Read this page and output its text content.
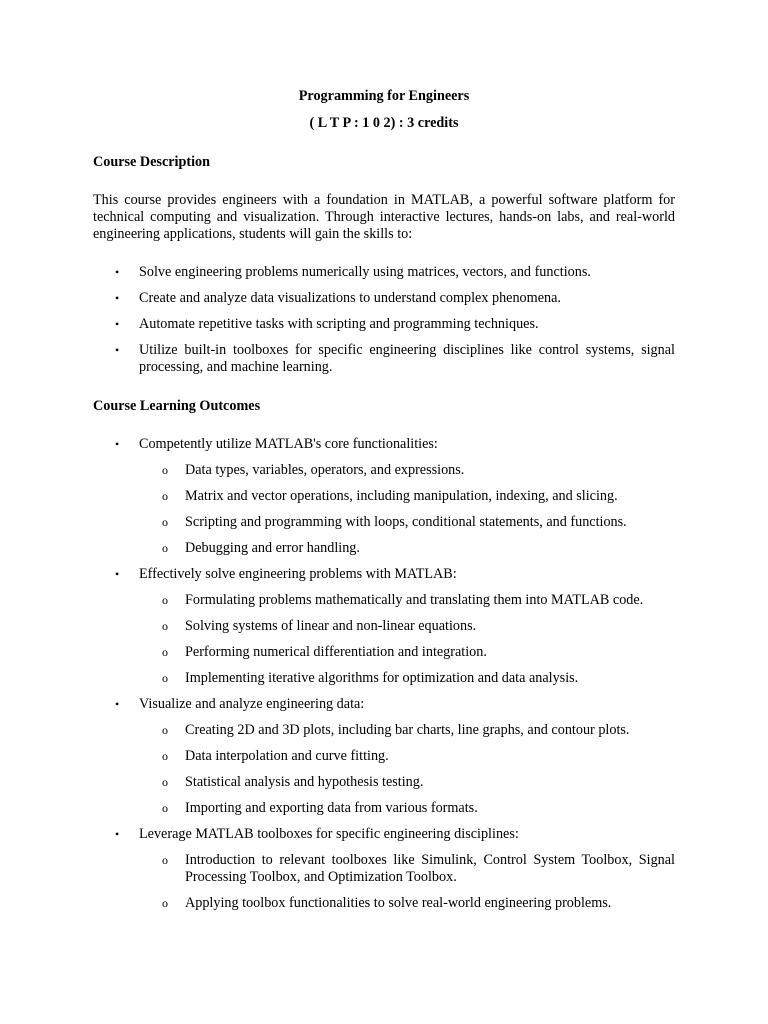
Programming for Engineers

( L T P : 1 0 2) : 3 credits

Course Description

This course provides engineers with a foundation in MATLAB, a powerful software platform for technical computing and visualization. Through interactive lectures, hands-on labs, and real-world engineering applications, students will gain the skills to:

• Solve engineering problems numerically using matrices, vectors, and functions.
• Create and analyze data visualizations to understand complex phenomena.
• Automate repetitive tasks with scripting and programming techniques.
• Utilize built-in toolboxes for specific engineering disciplines like control systems, signal processing, and machine learning.

Course Learning Outcomes

• Competently utilize MATLAB's core functionalities:
o Data types, variables, operators, and expressions.
o Matrix and vector operations, including manipulation, indexing, and slicing.
o Scripting and programming with loops, conditional statements, and functions.
o Debugging and error handling.
• Effectively solve engineering problems with MATLAB:
o Formulating problems mathematically and translating them into MATLAB code.
o Solving systems of linear and non-linear equations.
o Performing numerical differentiation and integration.
o Implementing iterative algorithms for optimization and data analysis.
• Visualize and analyze engineering data:
o Creating 2D and 3D plots, including bar charts, line graphs, and contour plots.
o Data interpolation and curve fitting.
o Statistical analysis and hypothesis testing.
o Importing and exporting data from various formats.
• Leverage MATLAB toolboxes for specific engineering disciplines:
o Introduction to relevant toolboxes like Simulink, Control System Toolbox, Signal Processing Toolbox, and Optimization Toolbox.
o Applying toolbox functionalities to solve real-world engineering problems.
